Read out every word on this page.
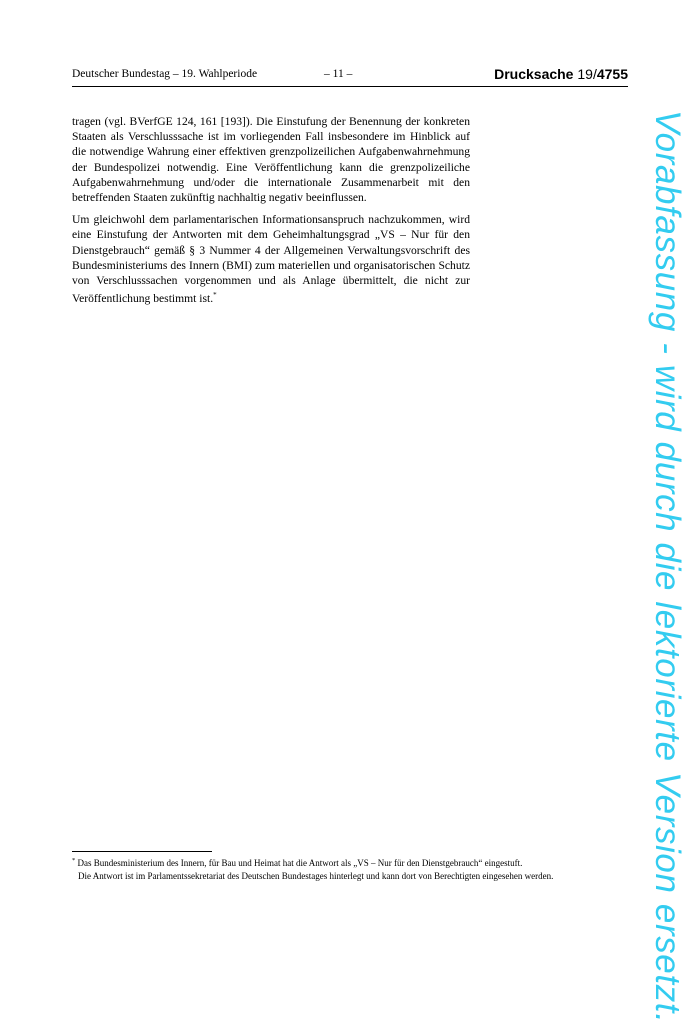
Deutscher Bundestag – 19. Wahlperiode	– 11 –	Drucksache 19/4755

tragen (vgl. BVerfGE 124, 161 [193]). Die Einstufung der Benennung der konkreten Staaten als Verschlusssache ist im vorliegenden Fall insbesondere im Hinblick auf die notwendige Wahrung einer effektiven grenzpolizeilichen Aufgabenwahrnehmung der Bundespolizei notwendig. Eine Veröffentlichung kann die grenzpolizeiliche Aufgabenwahrnehmung und/oder die internationale Zusammenarbeit mit den betreffenden Staaten zukünftig nachhaltig negativ beeinflussen.

Um gleichwohl dem parlamentarischen Informationsanspruch nachzukommen, wird eine Einstufung der Antworten mit dem Geheimhaltungsgrad „VS – Nur für den Dienstgebrauch“ gemäß § 3 Nummer 4 der Allgemeinen Verwaltungsvorschrift des Bundesministeriums des Innern (BMI) zum materiellen und organisatorischen Schutz von Verschlusssachen vorgenommen und als Anlage übermittelt, die nicht zur Veröffentlichung bestimmt ist.*

* Das Bundesministerium des Innern, für Bau und Heimat hat die Antwort als „VS – Nur für den Dienstgebrauch“ eingestuft.
Die Antwort ist im Parlamentssekretariat des Deutschen Bundestages hinterlegt und kann dort von Berechtigten eingesehen werden.	Vorabfassung - wird durch die lektorierte Version ersetzt.
